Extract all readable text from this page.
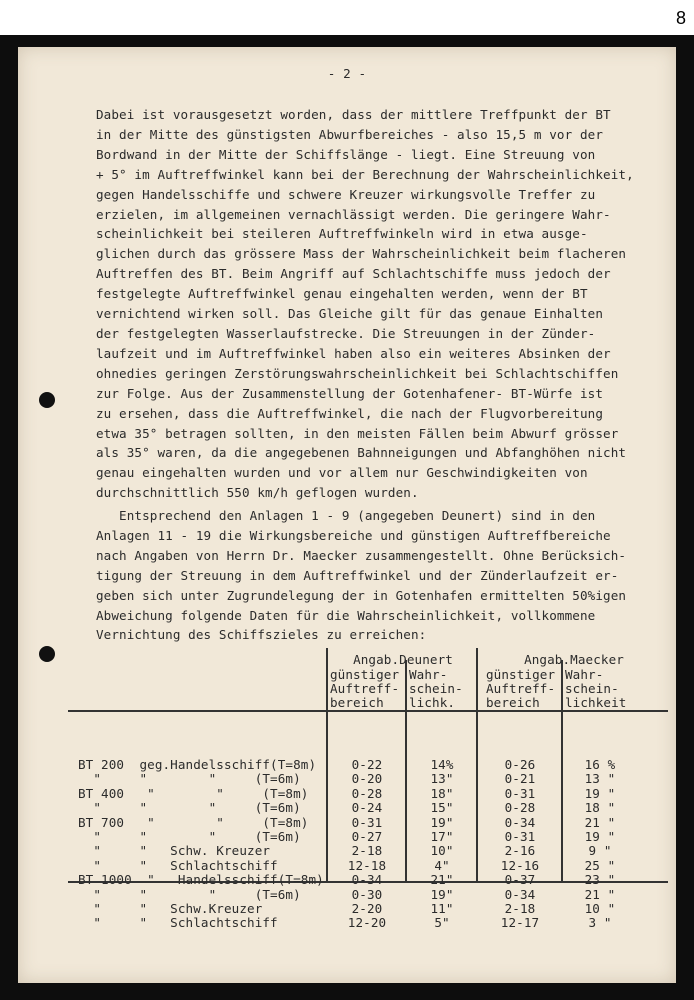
8
- 2 -
Dabei ist vorausgesetzt worden, dass der mittlere Treffpunkt der BT
in der Mitte des günstigsten Abwurfbereiches - also 15,5 m vor der
Bordwand in der Mitte der Schiffslänge - liegt. Eine Streuung von
+ 5° im Auftreffwinkel kann bei der Berechnung der Wahrscheinlichkeit,
gegen Handelsschiffe und schwere Kreuzer wirkungsvolle Treffer zu
erzielen, im allgemeinen vernachlässigt werden. Die geringere Wahr-
scheinlichkeit bei steileren Auftreffwinkeln wird in etwa ausge-
glichen durch das grössere Mass der Wahrscheinlichkeit beim flacheren
Auftreffen des BT. Beim Angriff auf Schlachtschiffe muss jedoch der
festgelegte Auftreffwinkel genau eingehalten werden, wenn der BT
vernichtend wirken soll. Das Gleiche gilt für das genaue Einhalten
der festgelegten Wasserlaufstrecke. Die Streuungen in der Zünder-
laufzeit und im Auftreffwinkel haben also ein weiteres Absinken der
ohnedies geringen Zerstörungswahrscheinlichkeit bei Schlachtschiffen
zur Folge. Aus der Zusammenstellung der Gotenhafener- BT-Würfe ist
zu ersehen, dass die Auftreffwinkel, die nach der Flugvorbereitung
etwa 35° betragen sollten, in den meisten Fällen beim Abwurf grösser
als 35° waren, da die angegebenen Bahnneigungen und Abfanghöhen nicht
genau eingehalten wurden und vor allem nur Geschwindigkeiten von
durchschnittlich 550 km/h geflogen wurden.
Entsprechend den Anlagen 1 - 9 (angegeben Deunert) sind in den
Anlagen 11 - 19 die Wirkungsbereiche und günstigen Auftreffbereiche
nach Angaben von Herrn Dr. Maecker zusammengestellt. Ohne Berücksich-
tigung der Streuung in dem Auftreffwinkel und der Zünderlaufzeit er-
geben sich unter Zugrundelegung der in Gotenhafen ermittelten 50%igen
Abweichung folgende Daten für die Wahrscheinlichkeit, vollkommene
Vernichtung des Schiffszieles zu erreichen:
Angab.Deunert	Angab.Maecker
günstiger
Auftreff-
bereich
Wahr-
schein-
lichk.
günstiger
Auftreff-
bereich
Wahr-
schein-
lichkeit
BT 200  geg.Handelsschiff(T=8m)
"     "        "     (T=6m)
BT 400   "        "     (T=8m)
"     "        "     (T=6m)
BT 700   "        "     (T=8m)
"     "        "     (T=6m)
"     "   Schw. Kreuzer
"     "   Schlachtschiff
BT 1000  "   Handelsschiff(T=8m)
"     "        "     (T=6m)
"     "   Schw.Kreuzer
"     "   Schlachtschiff
0-22
0-20
0-28
0-24
0-31
0-27
2-18
12-18
0-34
0-30
2-20
12-20
14%
13"
18"
15"
19"
17"
10"
4"
21"
19"
11"
5"
0-26
0-21
0-31
0-28
0-34
0-31
2-16
12-16
0-37
0-34
2-18
12-17
16 %
13 "
19 "
18 "
21 "
19 "
9 "
25 "
23 "
21 "
10 "
3 "
